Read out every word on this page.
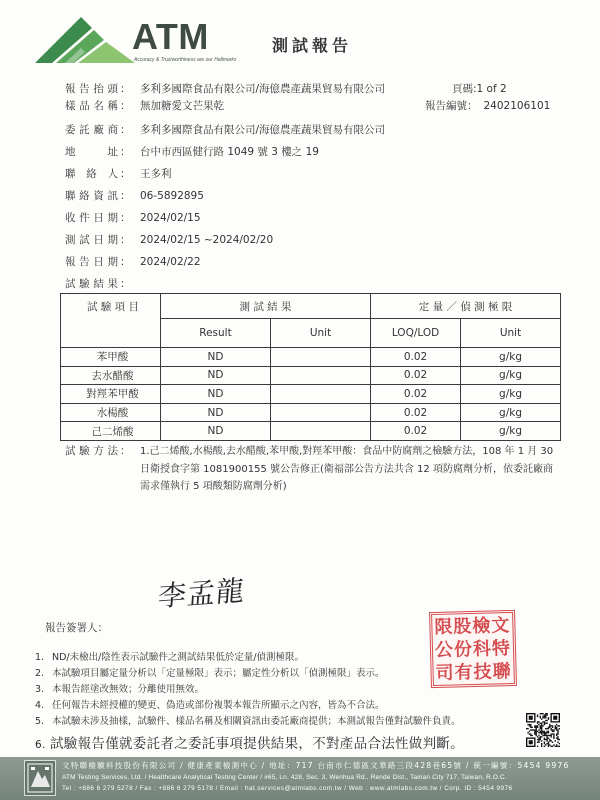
ATM
Accuracy & Trustworthiness are our Hallmarks
測試報告
頁碼:1 of 2
報告編號： 2402106101
報 告 抬 頭 ： 多利多國際食品有限公司/海億農產蔬果貿易有限公司
樣 品 名 稱 ： 無加糖愛文芒果乾
委 託 廠 商 ： 多利多國際食品有限公司/海億農產蔬果貿易有限公司
地　　址 ： 台中市西區健行路 1049 號 3 樓之 19
聯 絡 人 ： 王多利
聯 絡 資 訊 ： 06-5892895
收 件 日 期 ： 2024/02/15
測 試 日 期 ： 2024/02/15 ~2024/02/20
報 告 日 期 ： 2024/02/22
試 驗 結 果 ：
試 驗 項 目	測 試 結 果		定 量 ／ 偵 測 極 限	
	Result	Unit	LOQ/LOD	Unit
苯甲酸	ND		0.02	g/kg
去水醋酸	ND		0.02	g/kg
對羥苯甲酸	ND		0.02	g/kg
水楊酸	ND		0.02	g/kg
己二烯酸	ND		0.02	g/kg
試 驗 方 法 ： 1.己二烯酸,水楊酸,去水醋酸,苯甲酸,對羥苯甲酸：食品中防腐劑之檢驗方法，108 年 1 月 30 日衛授食字第 1081900155 號公告修正(衛福部公告方法共含 12 項防腐劑分析，依委託廠商需求僅執行 5 項酸類防腐劑分析)
李孟龍
報告簽署人：	限股檢文
公份科特
司有技聯
1. ND/未檢出/陰性表示試驗件之測試結果低於定量/偵測極限。
2. 本試驗項目屬定量分析以「定量極限」表示；屬定性分析以「偵測極限」表示。
3. 本報告經塗改無效；分離使用無效。
4. 任何報告未經授權的變更、偽造或部份複製本報告所顯示之內容，皆為不合法。
5. 本試驗未涉及抽樣，試驗件、樣品名稱及相關資訊由委託廠商提供；本測試報告僅對試驗件負責。
6. 試驗報告僅就委託者之委託事項提供結果，不對產品合法性做判斷。
文特聯檢驗科技股份有限公司 / 健康產業檢測中心 / 地址：717 台南市仁德區文華路三段428巷65號 / 統一編號：5454 9976
ATM Testing Services, Ltd. / Healthcare Analytical Testing Center / #65, Ln. 428, Sec. 3, Wenhua Rd., Rende Dist., Tainan City 717, Taiwan, R.O.C.
Tel : +886 6 279 5278 / Fax : +886 6 279 5178 / Email : hat.services@atmlabs.com.tw / Web : www.atmlabs.com.tw / Corp. ID : 5454 9976
